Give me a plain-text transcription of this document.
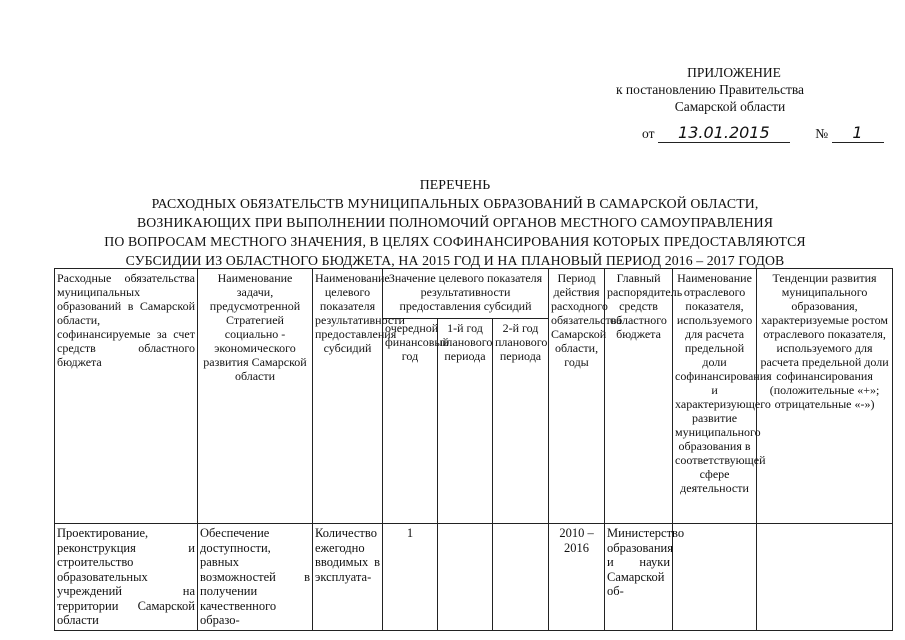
ПРИЛОЖЕНИЕ
к постановлению Правительства
Самарской области
от 13.01.2015	№ 1
ПЕРЕЧЕНЬ
РАСХОДНЫХ ОБЯЗАТЕЛЬСТВ МУНИЦИПАЛЬНЫХ ОБРАЗОВАНИЙ В САМАРСКОЙ ОБЛАСТИ,
ВОЗНИКАЮЩИХ ПРИ ВЫПОЛНЕНИИ ПОЛНОМОЧИЙ ОРГАНОВ МЕСТНОГО САМОУПРАВЛЕНИЯ
ПО ВОПРОСАМ МЕСТНОГО ЗНАЧЕНИЯ, В ЦЕЛЯХ СОФИНАНСИРОВАНИЯ КОТОРЫХ ПРЕДОСТАВЛЯЮТСЯ
СУБСИДИИ ИЗ ОБЛАСТНОГО БЮДЖЕТА, НА 2015 ГОД И НА ПЛАНОВЫЙ ПЕРИОД 2016 – 2017 ГОДОВ
Расходные обязательства муниципальных образований в Самарской области, софинансируемые за счет средств областного бюджета	Наименование задачи, предусмотренной Стратегией социально - экономического развития Самарской области	Наименование целевого показателя результативности предоставления субсидий	Значение целевого показателя результативности предоставления субсидий			Период действия расходного обязательства Самарской области, годы	Главный распорядитель средств областного бюджета	Наименование отраслевого показателя, используемого для расчета предельной доли софинансирования и характеризующего развитие муниципального образования в соответствующей сфере деятельности	Тенденции развития муниципального образования, характеризуемые ростом отраслевого показателя, используемого для расчета предельной доли софинансирования (положительные «+»; отрицательные «-»)
			очередной финансовый год	1-й год планового периода	2-й год планового периода				
Проектирование, реконструкция и строительство образовательных учреждений на территории Самарской области	Обеспечение доступности, равных возможностей в получении качественного образо-	Количество ежегодно вводимых в эксплуата-	1			2010 – 2016	Министерство образования и науки Самарской об-		
